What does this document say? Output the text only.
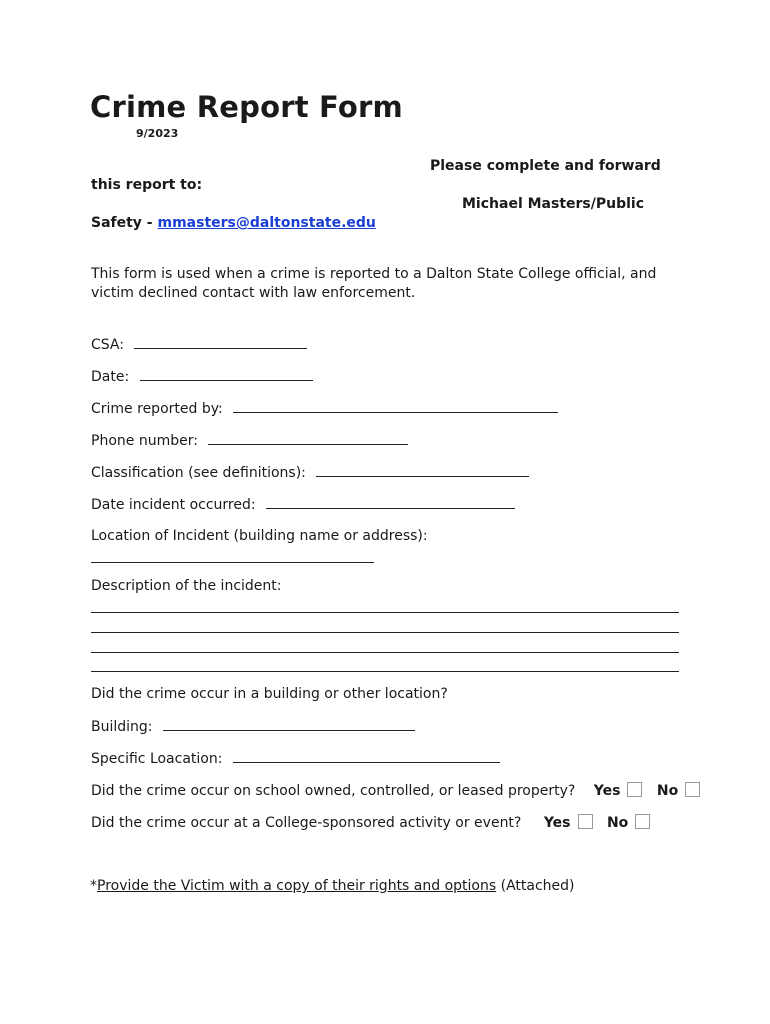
Crime Report Form
9/2023
Please complete and forward
this report to:
Michael Masters/Public
Safety - mmasters@daltonstate.edu
This form is used when a crime is reported to a Dalton State College official, and
victim declined contact with law enforcement.
CSA:
Date:
Crime reported by:
Phone number:
Classification (see definitions):
Date incident occurred:
Location of Incident (building name or address):
Description of the incident:
Did the crime occur in a building or other location?
Building:
Specific Loacation:
Did the crime occur on school owned, controlled, or leased property? Yes	No
Did the crime occur at a College-sponsored activity or event? Yes	No
*Provide the Victim with a copy of their rights and options (Attached)
